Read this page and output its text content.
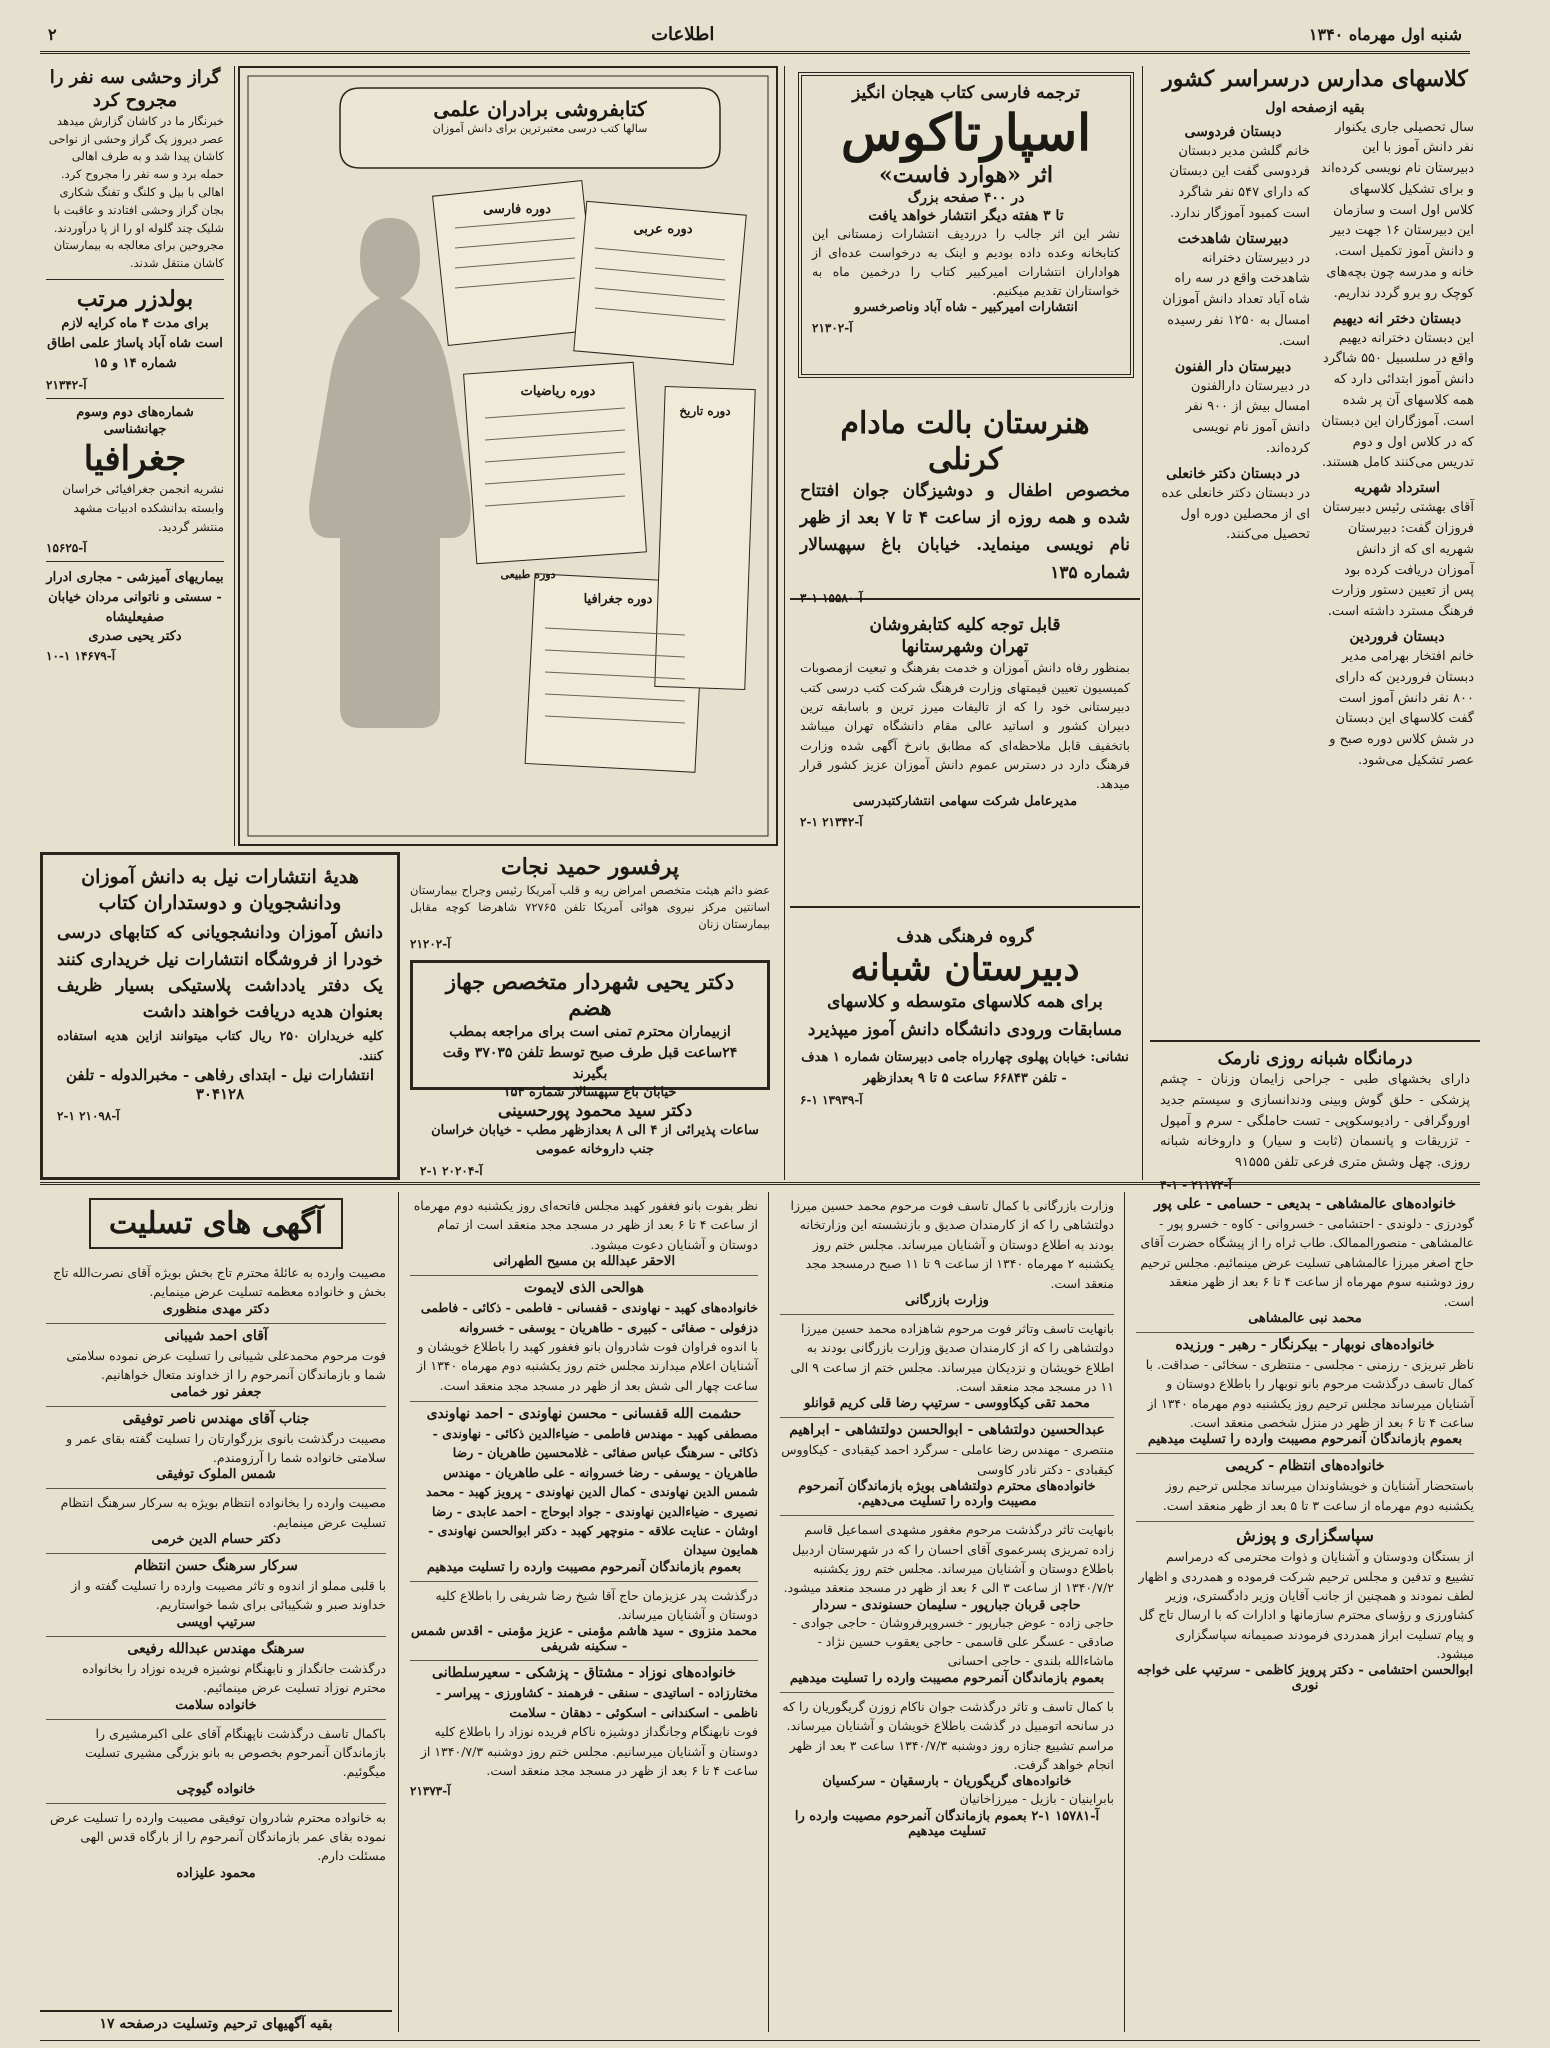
شنبه اول مهرماه ۱۳۴۰
اطلاعات
۲
کلاسهای مدارس درسراسر کشور
بقیه ازصفحه اول

سال تحصیلی جاری یکنوار نفر دانش آموز با این دبیرستان نام نویسی کرده‌اند و برای تشکیل کلاسهای کلاس اول است و سازمان این دبیرستان ۱۶ جهت دبیر و دانش آموز تکمیل است. خانه و مدرسه چون بچه‌های کوچک رو برو گردد نداریم.

دبستان دختر انه دیهیم

این دبستان دخترانه دیهیم واقع در سلسبیل ۵۵۰ شاگرد دانش آموز ابتدائی دارد که همه کلاسهای آن پر شده است. آموزگاران این دبستان که در کلاس اول و دوم تدریس می‌کنند کامل هستند.

استرداد شهریه

آقای بهشتی رئیس دبیرستان فروزان گفت: دبیرستان شهریه ای که از دانش آموزان دریافت کرده بود پس از تعیین دستور وزارت فرهنگ مسترد داشته است.

دبستان فروردین

خانم افتخار بهرامی مدیر دبستان فروردین که دارای ۸۰۰ نفر دانش آموز است گفت کلاسهای این دبستان در شش کلاس دوره صبح و عصر تشکیل می‌شود.

دبستان فردوسی

خانم گلشن مدیر دبستان فردوسی گفت این دبستان که دارای ۵۴۷ نفر شاگرد است کمبود آموزگار ندارد.

دبیرستان شاهدخت

در دبیرستان دخترانه شاهدخت واقع در سه راه شاه آباد تعداد دانش آموزان امسال به ۱۲۵۰ نفر رسیده است.

دبیرستان دار الفنون

در دبیرستان دارالفنون امسال بیش از ۹۰۰ نفر دانش آموز نام نویسی کرده‌اند.

در دبستان دکتر خانعلی

در دبستان دکتر خانعلی عده ای از محصلین دوره اول تحصیل می‌کنند.

درمانگاه شبانه روزی نارمک

دارای بخشهای طبی - جراحی زایمان وزنان - چشم پزشکی - حلق گوش وبینی ودندانسازی و سیستم جدید اوروگرافی - رادیوسکوپی - تست حاملگی - سرم و آمپول - تزریقات و پانسمان (ثابت و سیار) و داروخانه شبانه روزی. چهل وشش متری فرعی تلفن ۹۱۵۵۵

آ-۲۱۱۷۲ - ۱-۴
ترجمه فارسی کتاب هیجان انگیز
اسپارتاکوس
اثر «هوارد فاست»
در ۴۰۰ صفحه بزرگ
تا ۳ هفته دیگر انتشار خواهد یافت

نشر این اثر جالب را درردیف انتشارات زمستانی این کتابخانه وعده داده بودیم و اینک به درخواست عده‌ای از هواداران انتشارات امیرکبیر کتاب را درخمین ماه به خواستاران تقدیم میکنیم.

انتشارات امیرکبیر - شاه آباد وناصرخسرو
آ-۲۱۳۰۲
هنرستان بالت مادام کرنلی

مخصوص اطفال و دوشیزگان جوان افتتاح شده و همه روزه از ساعت ۴ تا ۷ بعد از ظهر نام نویسی مینماید. خیابان باغ سپهسالار شماره ۱۳۵

آ-۱۵۵۸۰ ۱-۳
قابل توجه کلیه کتابفروشان
تهران وشهرستانها

بمنظور رفاه دانش آموزان و خدمت بفرهنگ و تبعیت ازمصوبات کمیسیون تعیین قیمتهای وزارت فرهنگ شرکت کتب درسی کتب دبیرستانی خود را که از تالیفات میرز ترین و باسابقه ترین دبیران کشور و اساتید عالی مقام دانشگاه تهران میباشد باتخفیف قابل ملاحظه‌ای که مطابق بانرخ آگهی شده وزارت فرهنگ دارد در دسترس عموم دانش آموزان عزیز کشور قرار میدهد.

مدیرعامل شرکت سهامی انتشارکتبدرسی
آ-۲۱۳۴۲ ۱-۲
گروه فرهنگی هدف
دبیرستان شبانه

برای همه کلاسهای متوسطه و کلاسهای مسابقات ورودی دانشگاه دانش آموز میپذیرد

نشانی: خیابان پهلوی چهارراه جامی دبیرستان شماره ۱ هدف - تلفن ۶۶۸۴۳ ساعت ۵ تا ۹ بعدازظهر

آ-۱۳۹۳۹ ۱-۶
کتابفروشی برادران علمی
سالها کتب درسی معتبرترین برای دانش آموزان
دوره فارسی
دوره عربی
دوره ریاضیات
دوره جغرافیا
دوره تاریخ
دوره طبیعی
پرفسور حمید نجات

عضو دائم هیئت متخصص امراض ریه و قلب آمریکا رئیس وجراح بیمارستان اسانتین مرکز نیروی هوائی آمریکا تلفن ۷۲۷۶۵ شاهرضا کوچه مقابل بیمارستان زنان

آ-۲۱۲۰۲
دکتر یحیی شهردار متخصص جهاز هضم

ازبیماران محترم تمنی است برای مراجعه بمطب ۲۴ساعت قبل طرف صبح توسط تلفن ۳۷۰۳۵ وقت بگیرند

خیابان باغ سپهسالار شماره ۱۵۴
دکتر سید محمود پورحسینی

ساعات پذیرائی از ۴ الی ۸ بعدازظهر مطب - خیابان خراسان جنب داروخانه عمومی

آ-۲۰۲۰۴ ۱-۲
گراز وحشی سه نفر را مجروح کرد

خبرنگار ما در کاشان گزارش میدهد عصر دیروز یک گراز وحشی از نواحی کاشان پیدا شد و به طرف اهالی حمله برد و سه نفر را مجروح کرد. اهالی با بیل و کلنگ و تفنگ شکاری بجان گراز وحشی افتادند و عاقبت با شلیک چند گلوله او را از پا درآوردند. مجروحین برای معالجه به بیمارستان کاشان منتقل شدند.

بولدزر مرتب

برای مدت ۴ ماه کرایه لازم است شاه آباد پاساژ علمی اطاق شماره ۱۴ و ۱۵

آ-۲۱۳۴۲
شماره‌های دوم وسوم جهانشناسی
جغرافیا

نشریه انجمن جغرافیائی خراسان وابسته بدانشکده ادبیات مشهد منتشر گردید.

آ-۱۵۶۲۵

بیماریهای آمیزشی - مجاری ادرار - سستی و ناتوانی مردان خیابان صفیعلیشاه

دکتر یحیی صدری
آ-۱۴۶۷۹ ۱-۱۰
هدیهٔ انتشارات نیل به دانش آموزان ودانشجویان و دوستداران کتاب

دانش آموزان ودانشجویانی که کتابهای درسی خودرا از فروشگاه انتشارات نیل خریداری کنند یک دفتر یادداشت پلاستیکی بسیار ظریف بعنوان هدیه دریافت خواهند داشت

کلیه خریداران ۲۵۰ ریال کتاب میتوانند ازاین هدیه استفاده کنند.

انتشارات نیل - ابتدای رفاهی - مخبرالدوله - تلفن ۳۰۴۱۲۸
آ-۲۱۰۹۸ ۱-۲
خانواده‌های عالمشاهی - بدیعی - حسامی - علی پور
گودرزی - دلوندی - احتشامی - خسروانی - کاوه - خسرو پور - عالمشاهی - منصورالممالک. طاب ثراه را از پیشگاه حضرت آقای حاج اصغر میرزا عالمشاهی تسلیت عرض مینمائیم. مجلس ترحیم روز دوشنبه سوم مهرماه از ساعت ۴ تا ۶ بعد از ظهر منعقد است.
محمد نبی عالمشاهی
خانواده‌های نوبهار - بیکرنگار - رهبر - ورزیده
ناظر تبریزی - رزمنی - مجلسی - منتظری - سخائی - صداقت. با کمال تاسف درگذشت مرحوم بانو نوبهار را باطلاع دوستان و آشنایان میرساند مجلس ترحیم روز یکشنبه دوم مهرماه ۱۳۴۰ از ساعت ۴ تا ۶ بعد از ظهر در منزل شخصی منعقد است.
بعموم بازماندگان آنمرحوم مصیبت وارده را تسلیت میدهیم
خانواده‌های انتظام - کریمی
باستحضار آشنایان و خویشاوندان میرساند مجلس ترحیم روز یکشنبه دوم مهرماه از ساعت ۳ تا ۵ بعد از ظهر منعقد است.
سپاسگزاری و پوزش
از بستگان ودوستان و آشنایان و ذوات محترمی که درمراسم تشییع و تدفین و مجلس ترحیم شرکت فرموده و همدردی و اظهار لطف نمودند و همچنین از جانب آقایان وزیر دادگستری، وزیر کشاورزی و رؤسای محترم سازمانها و ادارات که با ارسال تاج گل و پیام تسلیت ابراز همدردی فرمودند صمیمانه سپاسگزاری میشود.
ابوالحسن احتشامی - دکتر پرویز کاظمی - سرتیپ علی خواجه نوری
وزارت بازرگانی با کمال تاسف فوت مرحوم محمد حسین میرزا دولتشاهی را که از کارمندان صدیق و بازنشسته این وزارتخانه بودند به اطلاع دوستان و آشنایان میرساند. مجلس ختم روز یکشنبه ۲ مهرماه ۱۳۴۰ از ساعت ۹ تا ۱۱ صبح درمسجد مجد منعقد است.
وزارت بازرگانی
بانهایت تاسف وتاثر فوت مرحوم شاهزاده محمد حسین میرزا دولتشاهی را که از کارمندان صدیق وزارت بازرگانی بودند به اطلاع خویشان و نزدیکان میرساند. مجلس ختم از ساعت ۹ الی ۱۱ در مسجد مجد منعقد است.
محمد تقی کیکاووسی - سرتیپ رضا قلی کریم قوانلو
عبدالحسین دولتشاهی - ابوالحسن دولتشاهی - ابراهیم
منتصری - مهندس رضا عاملی - سرگرد احمد کیقبادی - کیکاووس کیقبادی - دکتر نادر کاوسی
خانواده‌های محترم دولتشاهی بویژه بازماندگان آنمرحوم مصیبت وارده را تسلیت می‌دهیم.
بانهایت تاثر درگذشت مرحوم مغفور مشهدی اسماعیل قاسم زاده تمریزی پسرعموی آقای احسان را که در شهرستان اردبیل باطلاع دوستان و آشنایان میرساند. مجلس ختم روز یکشنبه ۱۳۴۰/۷/۲ از ساعت ۳ الی ۶ بعد از ظهر در مسجد منعقد میشود.
حاجی قربان جبارپور - سلیمان حسنوندی - سردار
حاجی زاده - عوض جبارپور - خسروپرفروشان - حاجی جوادی - صادقی - عسگر علی قاسمی - حاجی یعقوب حسین نژاد - ماشاءالله بلندی - حاجی احسانی
بعموم بازماندگان آنمرحوم مصیبت وارده را تسلیت میدهیم
با کمال تاسف و تاثر درگذشت جوان ناکام زوزن گریگوریان را که در سانحه اتومبیل در گذشت باطلاع خویشان و آشنایان میرساند. مراسم تشییع جنازه روز دوشنبه ۱۳۴۰/۷/۳ ساعت ۳ بعد از ظهر انجام خواهد گرفت.
خانواده‌های گریگوریان - بارسقیان - سرکسیان
بابراینیان - بازیل - میرزاخانیان
آ-۱۵۷۸۱ ۱-۲ بعموم بازماندگان آنمرحوم مصیبت وارده را تسلیت میدهیم
نظر بفوت بانو فغفور کهبد مجلس فاتحه‌ای روز یکشنبه دوم مهرماه از ساعت ۴ تا ۶ بعد از ظهر در مسجد مجد منعقد است از تمام دوستان و آشنایان دعوت میشود.
الاحقر عبدالله بن مسیح الطهرانی
هوالحی الذی لایموت
خانواده‌های کهبد - نهاوندی - قفسانی - فاطمی - ذکائی - فاطمی دزفولی - صفائی - کبیری - طاهریان - یوسفی - خسروانه
با اندوه فراوان فوت شادروان بانو فغفور کهبد را باطلاع خویشان و آشنایان اعلام میدارند مجلس ختم روز یکشنبه دوم مهرماه ۱۳۴۰ از ساعت چهار الی شش بعد از ظهر در مسجد مجد منعقد است.
حشمت الله قفسانی - محسن نهاوندی - احمد نهاوندی
مصطفی کهبد - مهندس فاطمی - ضیاءالدین ذکائی - نهاوندی - ذکائی - سرهنگ عباس صفائی - غلامحسین طاهریان - رضا طاهریان - یوسفی - رضا خسروانه - علی طاهریان - مهندس شمس الدین نهاوندی - کمال الدین نهاوندی - پرویز کهبد - محمد نصیری - ضیاءالدین نهاوندی - جواد ابوحاج - احمد عابدی - رضا اوشان - عنایت علاقه - منوچهر کهبد - دکتر ابوالحسن نهاوندی - همایون سیدان
بعموم بازماندگان آنمرحوم مصیبت وارده را تسلیت میدهیم
درگذشت پدر عزیزمان حاج آقا شیخ رضا شریفی را باطلاع کلیه دوستان و آشنایان میرساند.
محمد منزوی - سید هاشم مؤمنی - عزیز مؤمنی - اقدس شمس - سکینه شریفی
خانواده‌های نوزاد - مشتاق - پزشکی - سعیرسلطانی
مختارزاده - اساتیدی - سنقی - فرهمند - کشاورزی - پیراسر - ناظمی - اسکندانی - اسکوئی - دهقان - سلامت
فوت نابهنگام وجانگداز دوشیزه ناکام فریده نوزاد را باطلاع کلیه دوستان و آشنایان میرسانیم. مجلس ختم روز دوشنبه ۱۳۴۰/۷/۳ از ساعت ۴ تا ۶ بعد از ظهر در مسجد مجد منعقد است.
آ-۲۱۳۷۳
آگهی های تسلیت
مصیبت وارده به عائلهٔ محترم تاج بخش بویژه آقای نصرت‌الله تاج بخش و خانواده معظمه تسلیت عرض مینمایم.
دکتر مهدی منظوری
آقای احمد شیبانی
فوت مرحوم محمدعلی شیبانی را تسلیت عرض نموده سلامتی شما و بازماندگان آنمرحوم را از خداوند متعال خواهانیم.
جعفر نور خمامی
جناب آقای مهندس ناصر توفیقی
مصیبت درگذشت بانوی بزرگوارتان را تسلیت گفته بقای عمر و سلامتی خانواده شما را آرزومندم.
شمس الملوک توفیقی
مصیبت وارده را بخانواده انتظام بویژه به سرکار سرهنگ انتظام تسلیت عرض مینمایم.
دکتر حسام الدین خرمی
سرکار سرهنگ حسن انتظام
با قلبی مملو از اندوه و تاثر مصیبت وارده را تسلیت گفته و از خداوند صبر و شکیبائی برای شما خواستاریم.
سرتیپ اویسی
سرهنگ مهندس عبدالله رفیعی
درگذشت جانگداز و نابهنگام نوشیزه فریده نوزاد را بخانواده محترم نوزاد تسلیت عرض مینمائیم.
خانواده سلامت
باکمال تاسف درگذشت ناپهنگام آقای علی اکبرمشیری را بازماندگان آنمرحوم بخصوص به بانو بزرگی مشیری تسلیت میگوئیم.
خانواده گیوچی
به خانواده محترم شادروان توفیقی مصیبت وارده را تسلیت عرض نموده بقای عمر بازماندگان آنمرحوم را از بارگاه قدس الهی مسئلت دارم.
محمود علیزاده
بقیه آگهیهای ترحیم وتسلیت درصفحه ۱۷
